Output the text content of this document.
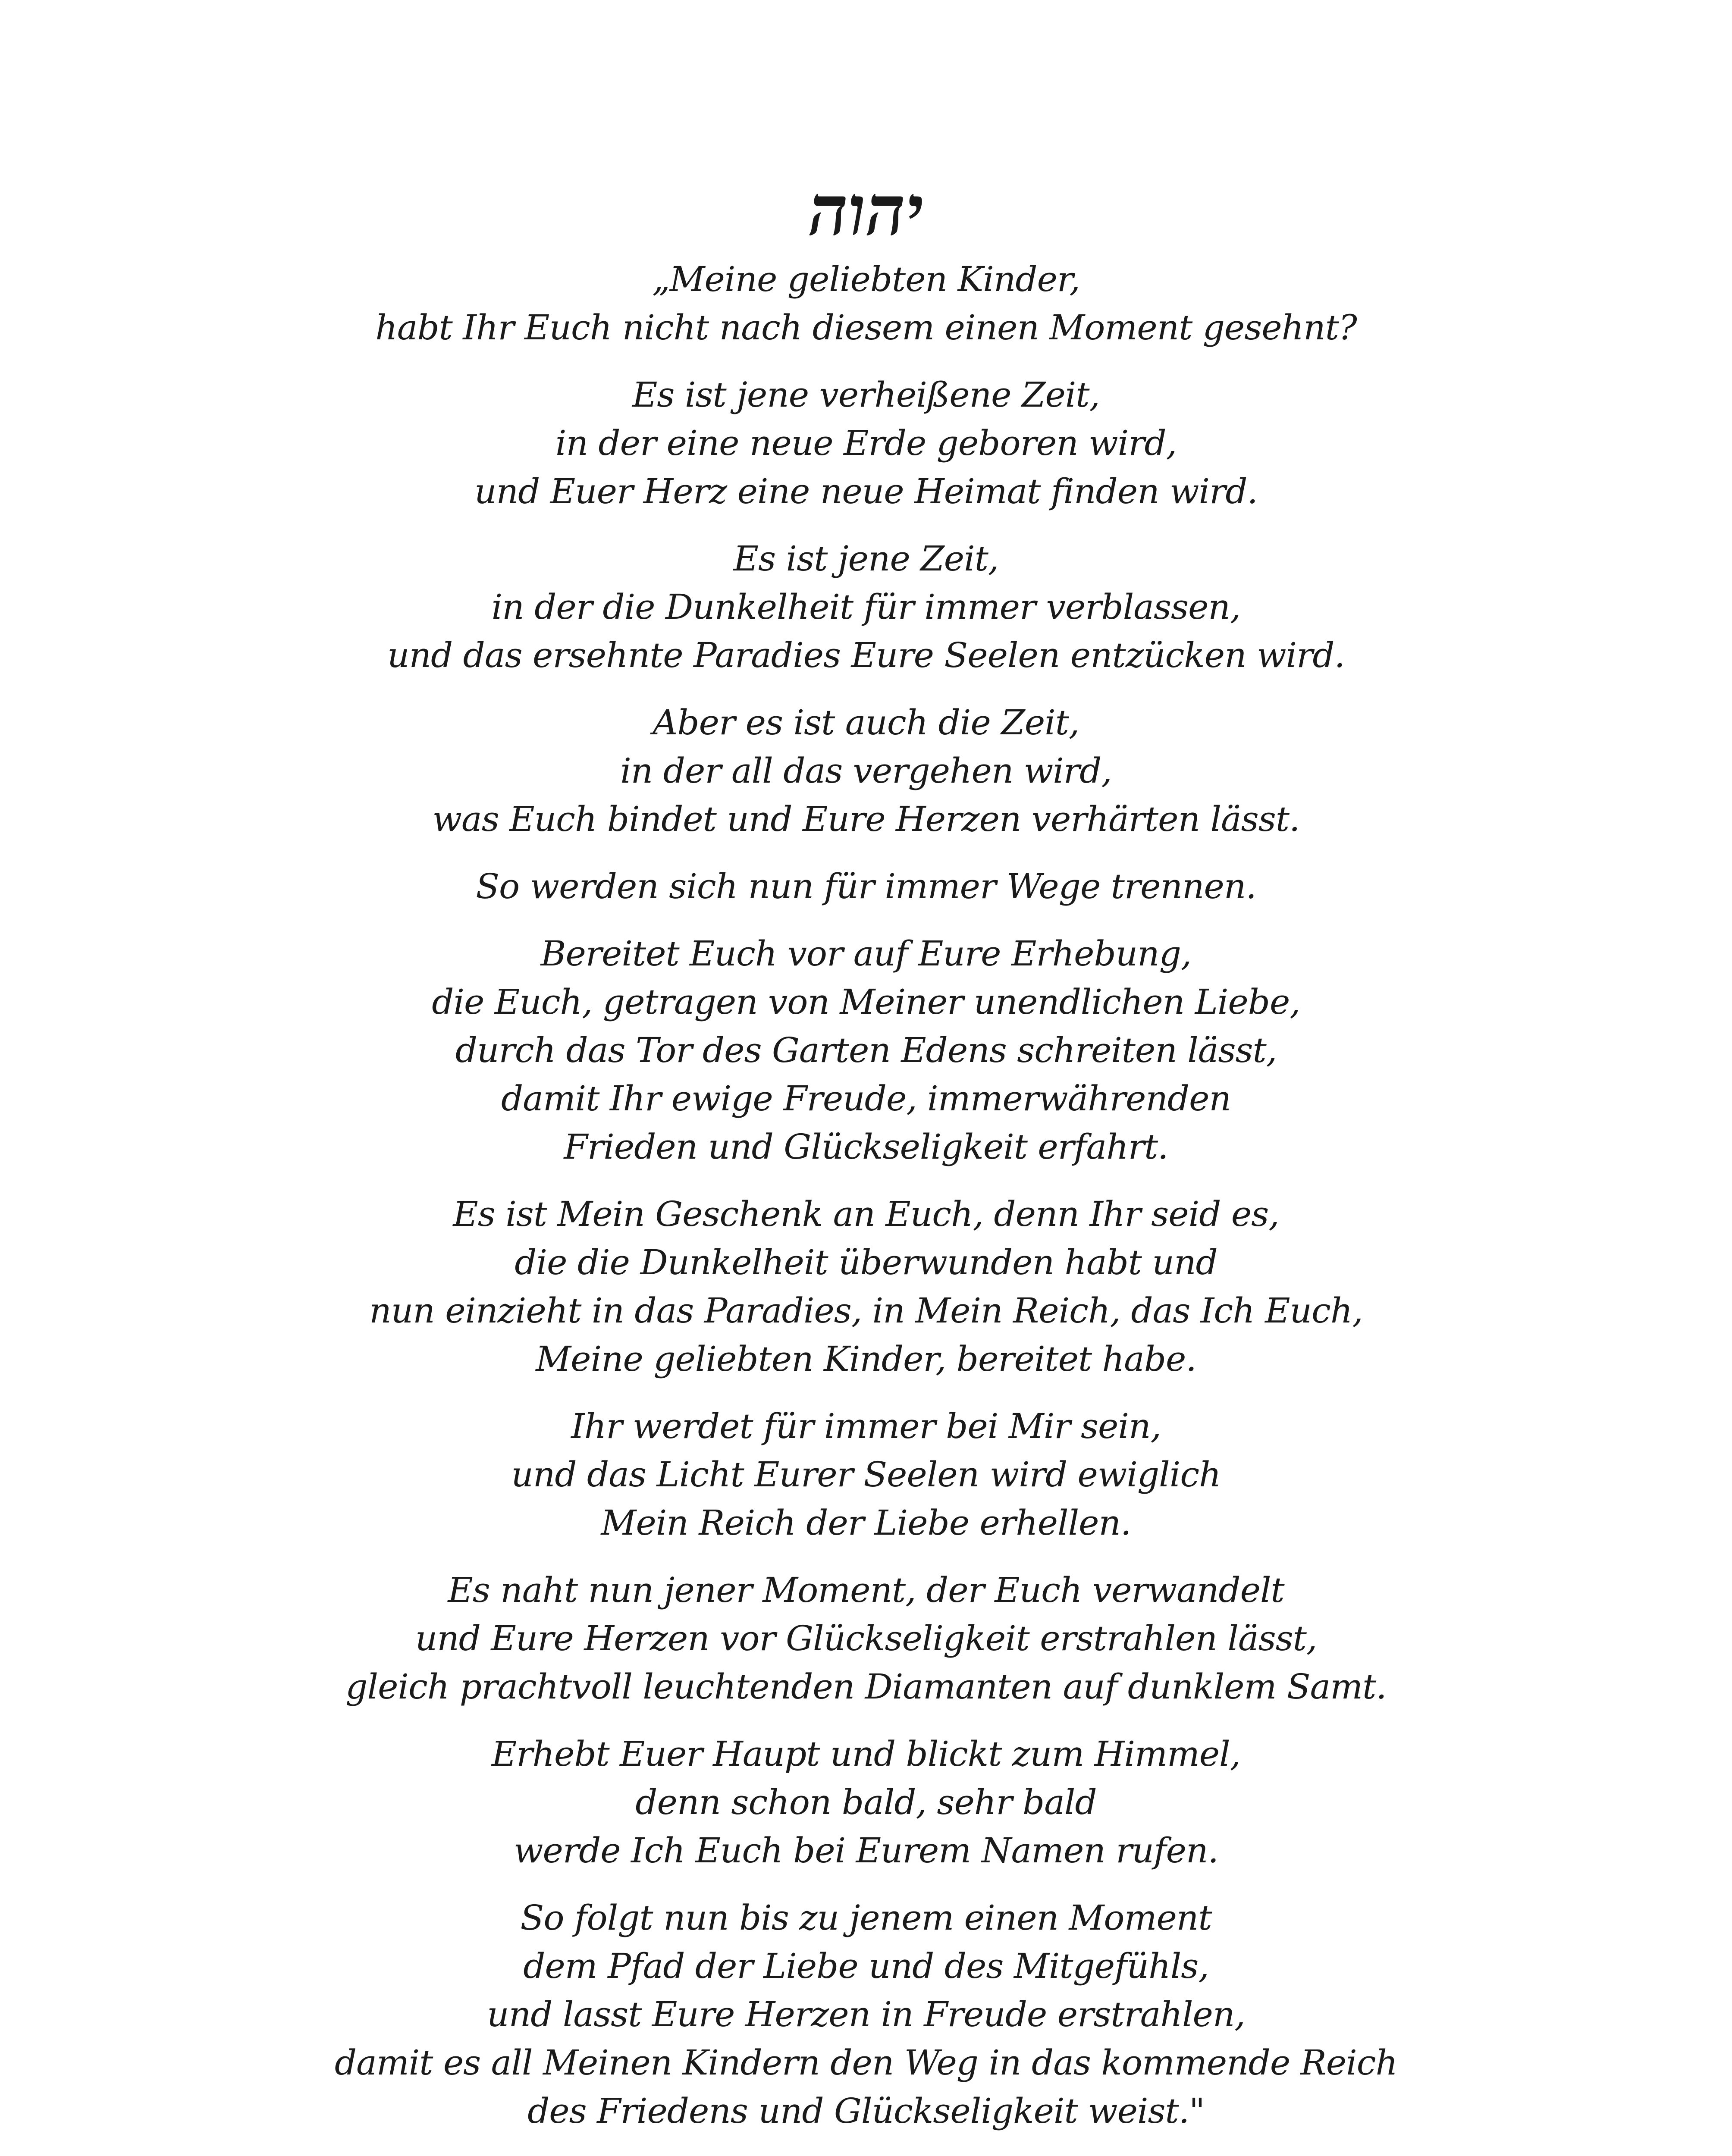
יהוה
„Meine geliebten Kinder,
habt Ihr Euch nicht nach diesem einen Moment gesehnt?
Es ist jene verheißene Zeit,
in der eine neue Erde geboren wird,
und Euer Herz eine neue Heimat finden wird.
Es ist jene Zeit,
in der die Dunkelheit für immer verblassen,
und das ersehnte Paradies Eure Seelen entzücken wird.
Aber es ist auch die Zeit,
in der all das vergehen wird,
was Euch bindet und Eure Herzen verhärten lässt.
So werden sich nun für immer Wege trennen.
Bereitet Euch vor auf Eure Erhebung,
die Euch, getragen von Meiner unendlichen Liebe,
durch das Tor des Garten Edens schreiten lässt,
damit Ihr ewige Freude, immerwährenden
Frieden und Glückseligkeit erfahrt.
Es ist Mein Geschenk an Euch, denn Ihr seid es,
die die Dunkelheit überwunden habt und
nun einzieht in das Paradies, in Mein Reich, das Ich Euch,
Meine geliebten Kinder, bereitet habe.
Ihr werdet für immer bei Mir sein,
und das Licht Eurer Seelen wird ewiglich
Mein Reich der Liebe erhellen.
Es naht nun jener Moment, der Euch verwandelt
und Eure Herzen vor Glückseligkeit erstrahlen lässt,
gleich prachtvoll leuchtenden Diamanten auf dunklem Samt.
Erhebt Euer Haupt und blickt zum Himmel,
denn schon bald, sehr bald
werde Ich Euch bei Eurem Namen rufen.
So folgt nun bis zu jenem einen Moment
dem Pfad der Liebe und des Mitgefühls,
und lasst Eure Herzen in Freude erstrahlen,
damit es all Meinen Kindern den Weg in das kommende Reich
des Friedens und Glückseligkeit weist."
